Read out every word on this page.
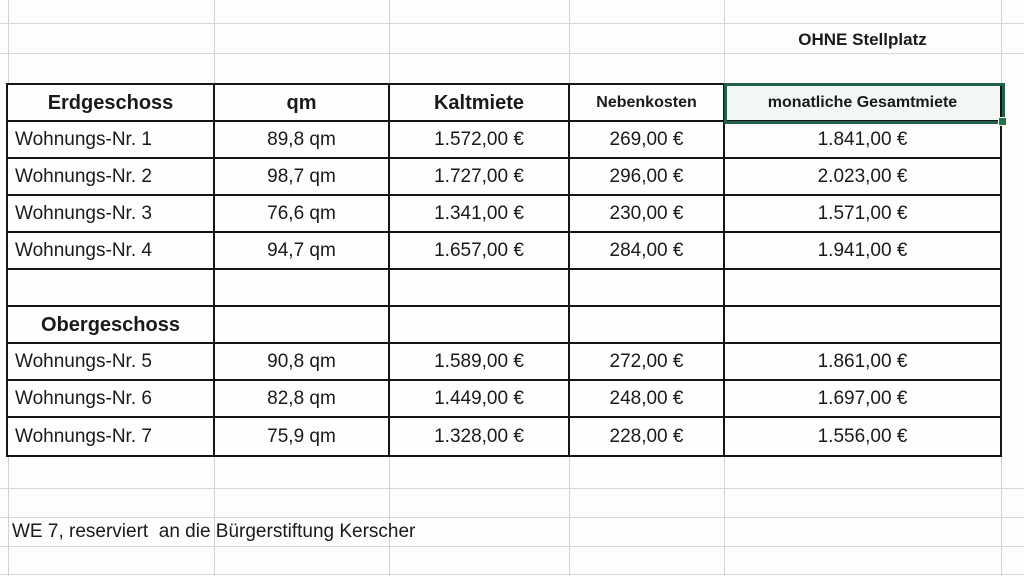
OHNE Stellplatz
Erdgeschoss	qm	Kaltmiete	Nebenkosten	monatliche Gesamtmiete
Wohnungs-Nr. 1	89,8 qm	1.572,00 €	269,00 €	1.841,00 €
Wohnungs-Nr. 2	98,7 qm	1.727,00 €	296,00 €	2.023,00 €
Wohnungs-Nr. 3	76,6 qm	1.341,00 €	230,00 €	1.571,00 €
Wohnungs-Nr. 4	94,7 qm	1.657,00 €	284,00 €	1.941,00 €
Obergeschoss
Wohnungs-Nr. 5	90,8 qm	1.589,00 €	272,00 €	1.861,00 €
Wohnungs-Nr. 6	82,8 qm	1.449,00 €	248,00 €	1.697,00 €
Wohnungs-Nr. 7	75,9 qm	1.328,00 €	228,00 €	1.556,00 €
WE 7, reserviert  an die Bürgerstiftung Kerscher
